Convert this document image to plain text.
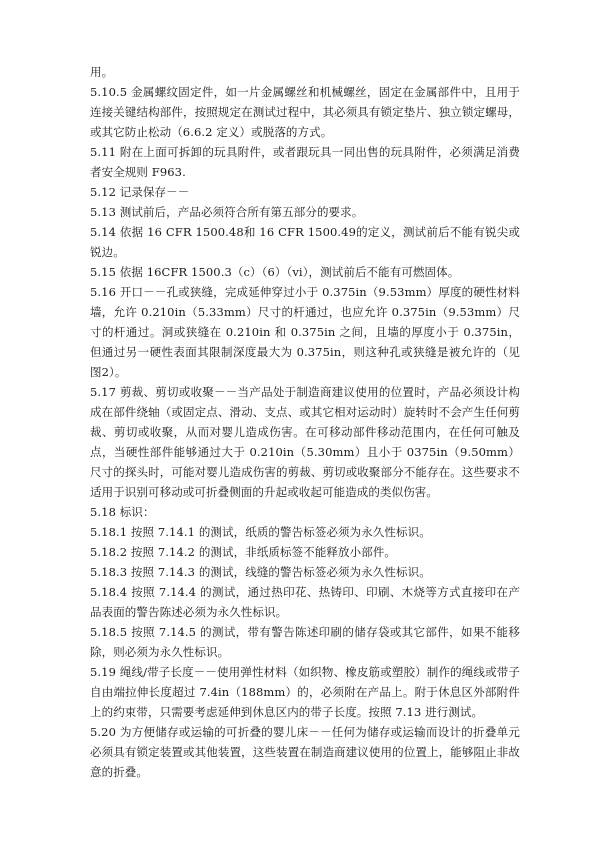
用。

5.10.5 金属螺纹固定件，如一片金属螺丝和机械螺丝，固定在金属部件中，且用于连接关键结构部件，按照规定在测试过程中，其必须具有锁定垫片、独立锁定螺母，或其它防止松动（6.6.2 定义）或脱落的方式。

5.11 附在上面可拆卸的玩具附件，或者跟玩具一同出售的玩具附件，必须满足消费者安全规则 F963.

5.12 记录保存－－

5.13 测试前后，产品必须符合所有第五部分的要求。

5.14 依据 16 CFR 1500.48和 16 CFR 1500.49的定义，测试前后不能有锐尖或锐边。

5.15 依据 16CFR 1500.3（c）（6）（vi），测试前后不能有可燃固体。

5.16 开口－－孔或狭缝，完成延伸穿过小于 0.375in（9.53mm）厚度的硬性材料墙，允许 0.210in（5.33mm）尺寸的杆通过，也应允许 0.375in（9.53mm）尺寸的杆通过。洞或狭缝在 0.210in 和 0.375in 之间，且墙的厚度小于 0.375in，但通过另一硬性表面其限制深度最大为 0.375in，则这种孔或狭缝是被允许的（见图2）。

5.17 剪裁、剪切或收聚－－当产品处于制造商建议使用的位置时，产品必须设计构成在部件绕轴（或固定点、滑动、支点、或其它相对运动时）旋转时不会产生任何剪裁、剪切或收聚，从而对婴儿造成伤害。在可移动部件移动范围内，在任何可触及点，当硬性部件能够通过大于 0.210in（5.30mm）且小于 0375in（9.50mm）尺寸的探头时，可能对婴儿造成伤害的剪裁、剪切或收聚部分不能存在。这些要求不适用于识别可移动或可折叠侧面的升起或收起可能造成的类似伤害。

5.18 标识：

5.18.1 按照 7.14.1 的测试，纸质的警告标签必须为永久性标识。

5.18.2 按照 7.14.2 的测试，非纸质标签不能释放小部件。

5.18.3 按照 7.14.3 的测试，线缝的警告标签必须为永久性标识。

5.18.4 按照 7.14.4 的测试，通过热印花、热铸印、印刷、木烧等方式直接印在产品表面的警告陈述必须为永久性标识。

5.18.5 按照 7.14.5 的测试，带有警告陈述印刷的储存袋或其它部件，如果不能移除，则必须为永久性标识。

5.19 绳线/带子长度－－使用弹性材料（如织物、橡皮筋或塑胶）制作的绳线或带子自由端拉伸长度超过 7.4in（188mm）的，必须附在产品上。附于休息区外部附件上的约束带，只需要考虑延伸到休息区内的带子长度。按照 7.13 进行测试。

5.20 为方便储存或运输的可折叠的婴儿床－－任何为储存或运输而设计的折叠单元必须具有锁定装置或其他装置，这些装置在制造商建议使用的位置上，能够阻止非故意的折叠。
